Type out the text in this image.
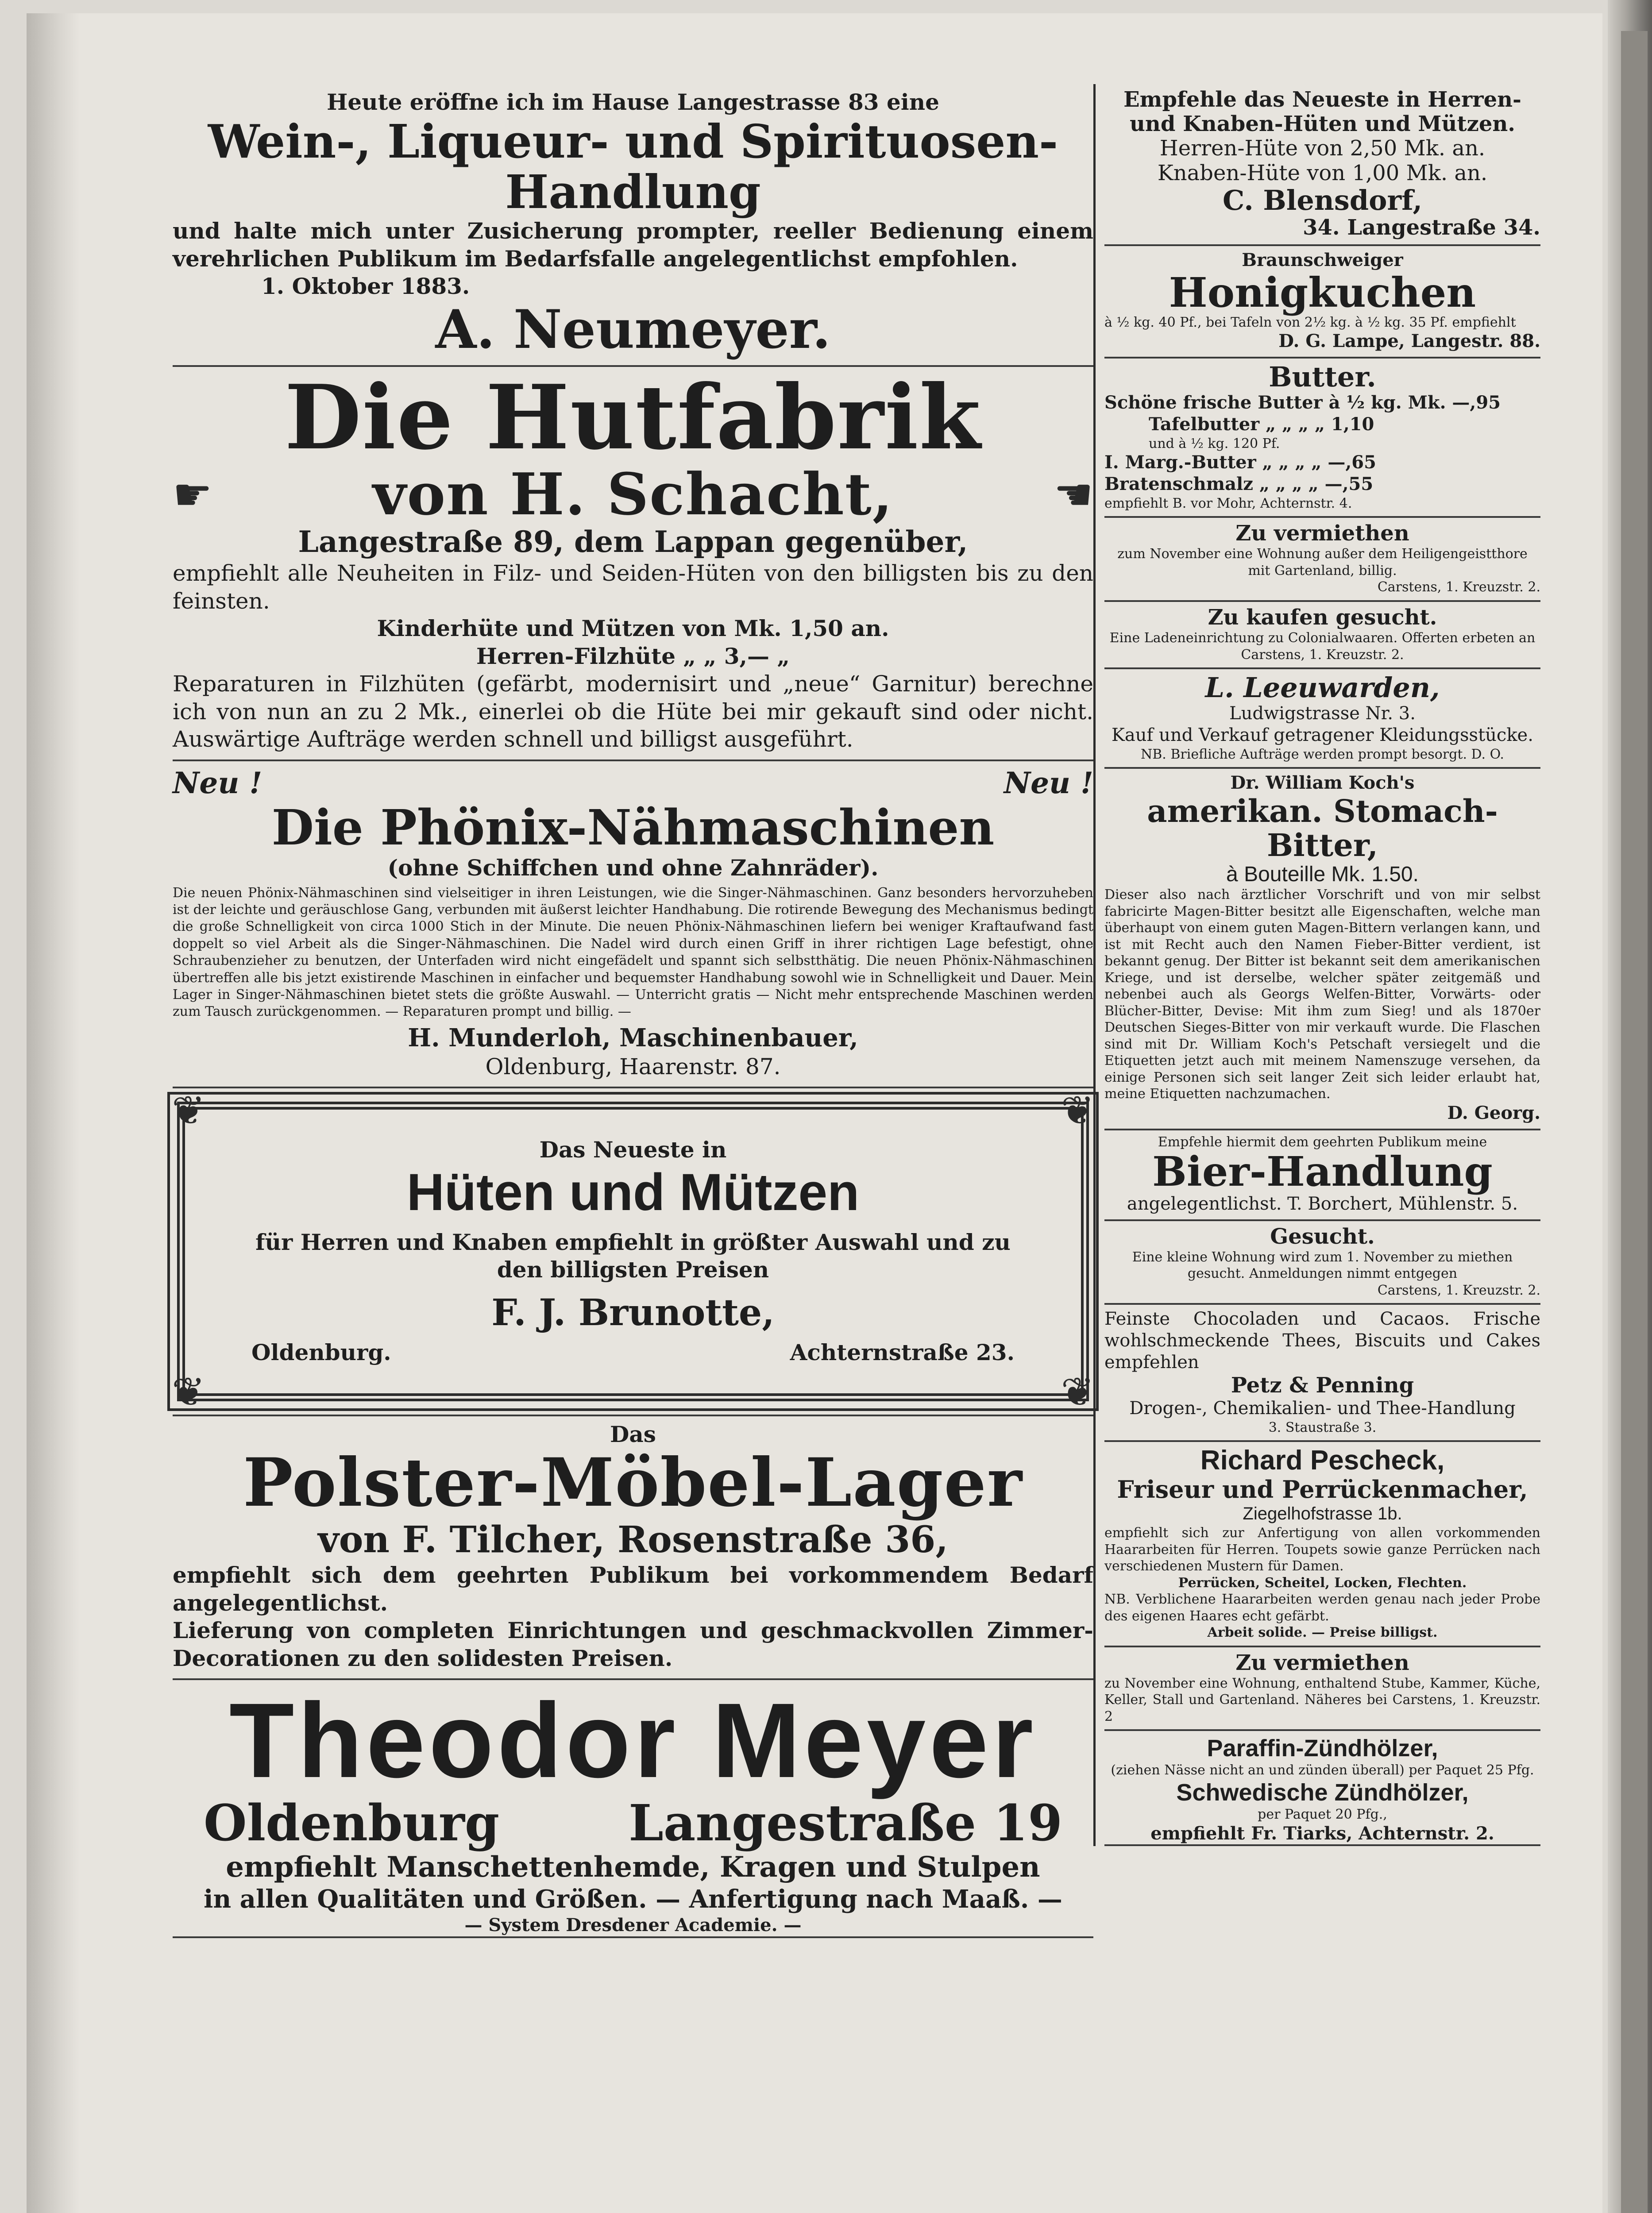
Heute eröffne ich im Hause Langestrasse 83 eine
Wein-, Liqueur- und Spirituosen-Handlung
und halte mich unter Zusicherung prompter, reeller Bedienung einem verehrlichen Publikum im Bedarfsfalle angelegentlichst empfohlen.
1. Oktober 1883.
A. Neumeyer.
Die Hutfabrik
☛	von H. Schacht,	☚
Langestraße 89, dem Lappan gegenüber,
empfiehlt alle Neuheiten in Filz- und Seiden-Hüten von den billigsten bis zu den feinsten.
Kinderhüte und Mützen von Mk. 1,50 an.
Herren-Filzhüte „ „ 3,— „
Reparaturen in Filzhüten (gefärbt, modernisirt und „neue“ Garnitur) berechne ich von nun an zu 2 Mk., einerlei ob die Hüte bei mir gekauft sind oder nicht. Auswärtige Aufträge werden schnell und billigst ausgeführt.
Neu !	Neu !
Die Phönix-Nähmaschinen
(ohne Schiffchen und ohne Zahnräder).
Die neuen Phönix-Nähmaschinen sind vielseitiger in ihren Leistungen, wie die Singer-Nähmaschinen. Ganz besonders hervorzuheben ist der leichte und geräuschlose Gang, verbunden mit äußerst leichter Handhabung. Die rotirende Bewegung des Mechanismus bedingt die große Schnelligkeit von circa 1000 Stich in der Minute. Die neuen Phönix-Nähmaschinen liefern bei weniger Kraftaufwand fast doppelt so viel Arbeit als die Singer-Nähmaschinen. Die Nadel wird durch einen Griff in ihrer richtigen Lage befestigt, ohne Schraubenzieher zu benutzen, der Unterfaden wird nicht eingefädelt und spannt sich selbstthätig. Die neuen Phönix-Nähmaschinen übertreffen alle bis jetzt existirende Maschinen in einfacher und bequemster Handhabung sowohl wie in Schnelligkeit und Dauer. Mein Lager in Singer-Nähmaschinen bietet stets die größte Auswahl. — Unterricht gratis — Nicht mehr entsprechende Maschinen werden zum Tausch zurückgenommen. — Reparaturen prompt und billig. —
H. Munderloh, Maschinenbauer,
Oldenburg, Haarenstr. 87.
❦	❦
❦	❦
Das Neueste in
Hüten und Mützen
für Herren und Knaben empfiehlt in größter Auswahl und zu den billigsten Preisen
F. J. Brunotte,
Oldenburg.	Achternstraße 23.
Das
Polster-Möbel-Lager
von F. Tilcher, Rosenstraße 36,
empfiehlt sich dem geehrten Publikum bei vorkommendem Bedarf angelegentlichst.
Lieferung von completen Einrichtungen und geschmackvollen Zimmer-Decorationen zu den solidesten Preisen.
Theodor Meyer
Oldenburg	Langestraße 19
empfiehlt Manschettenhemde, Kragen und Stulpen
in allen Qualitäten und Größen. — Anfertigung nach Maaß. —
— System Dresdener Academie. —
Empfehle das Neueste in Herren- und Knaben-Hüten und Mützen.
Herren-Hüte von 2,50 Mk. an.
Knaben-Hüte von 1,00 Mk. an.
C. Blensdorf,
34. Langestraße 34.
Braunschweiger
Honigkuchen
à ½ kg. 40 Pf., bei Tafeln von 2½ kg. à ½ kg. 35 Pf. empfiehlt
D. G. Lampe, Langestr. 88.
Butter.
Schöne frische Butter à ½ kg. Mk. —,95
Tafelbutter „ „ „ „ 1,10
und à ½ kg. 120 Pf.
I. Marg.-Butter „ „ „ „ —,65
Bratenschmalz „ „ „ „ —,55
empfiehlt B. vor Mohr, Achternstr. 4.
Zu vermiethen
zum November eine Wohnung außer dem Heiligengeistthore mit Gartenland, billig.
Carstens, 1. Kreuzstr. 2.
Zu kaufen gesucht.
Eine Ladeneinrichtung zu Colonialwaaren. Offerten erbeten an Carstens, 1. Kreuzstr. 2.
L. Leeuwarden,
Ludwigstrasse Nr. 3.
Kauf und Verkauf getragener Kleidungsstücke.
NB. Briefliche Aufträge werden prompt besorgt. D. O.
Dr. William Koch's
amerikan. Stomach-Bitter,
à Bouteille Mk. 1.50.
Dieser also nach ärztlicher Vorschrift und von mir selbst fabricirte Magen-Bitter besitzt alle Eigenschaften, welche man überhaupt von einem guten Magen-Bittern verlangen kann, und ist mit Recht auch den Namen Fieber-Bitter verdient, ist bekannt genug. Der Bitter ist bekannt seit dem amerikanischen Kriege, und ist derselbe, welcher später zeitgemäß und nebenbei auch als Georgs Welfen-Bitter, Vorwärts- oder Blücher-Bitter, Devise: Mit ihm zum Sieg! und als 1870er Deutschen Sieges-Bitter von mir verkauft wurde. Die Flaschen sind mit Dr. William Koch's Petschaft versiegelt und die Etiquetten jetzt auch mit meinem Namenszuge versehen, da einige Personen sich seit langer Zeit sich leider erlaubt hat, meine Etiquetten nachzumachen.
D. Georg.
Empfehle hiermit dem geehrten Publikum meine
Bier-Handlung
angelegentlichst. T. Borchert, Mühlenstr. 5.
Gesucht.
Eine kleine Wohnung wird zum 1. November zu miethen gesucht. Anmeldungen nimmt entgegen
Carstens, 1. Kreuzstr. 2.
Feinste Chocoladen und Cacaos. Frische wohlschmeckende Thees, Biscuits und Cakes empfehlen
Petz & Penning
Drogen-, Chemikalien- und Thee-Handlung
3. Staustraße 3.
Richard Pescheck,
Friseur und Perrückenmacher,
Ziegelhofstrasse 1b.
empfiehlt sich zur Anfertigung von allen vorkommenden Haararbeiten für Herren. Toupets sowie ganze Perrücken nach verschiedenen Mustern für Damen.
Perrücken, Scheitel, Locken, Flechten.
NB. Verblichene Haararbeiten werden genau nach jeder Probe des eigenen Haares echt gefärbt.
Arbeit solide. — Preise billigst.
Zu vermiethen
zu November eine Wohnung, enthaltend Stube, Kammer, Küche, Keller, Stall und Gartenland. Näheres bei Carstens, 1. Kreuzstr. 2
Paraffin-Zündhölzer,
(ziehen Nässe nicht an und zünden überall) per Paquet 25 Pfg.
Schwedische Zündhölzer,
per Paquet 20 Pfg.,
empfiehlt Fr. Tiarks, Achternstr. 2.
